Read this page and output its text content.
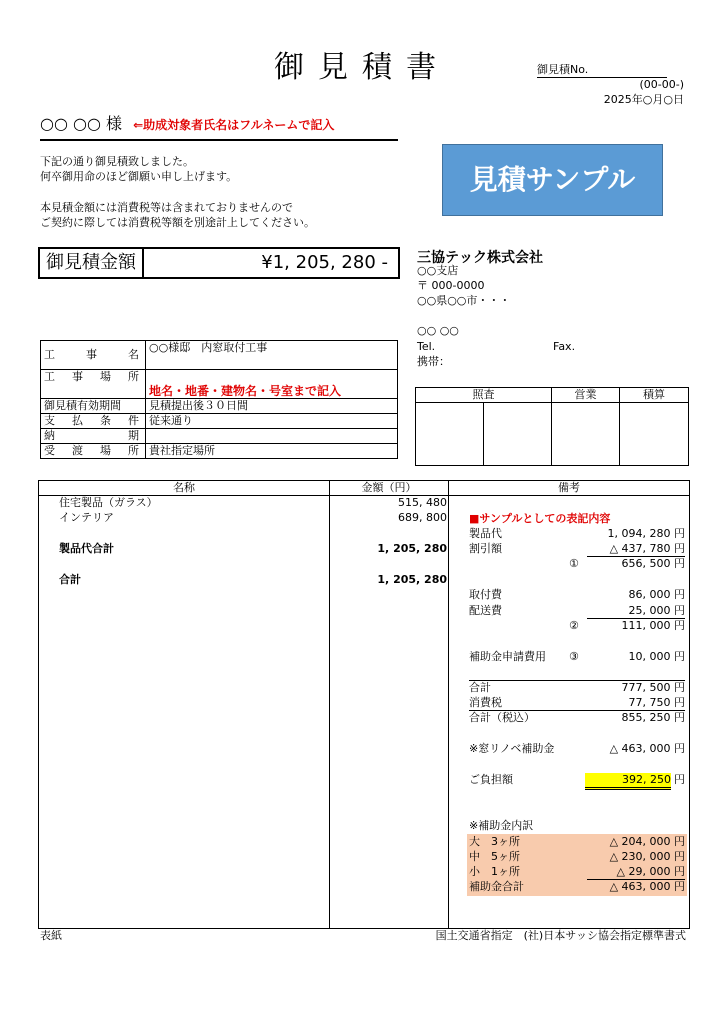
御見積書	御見積No.
(00-00-)
2025年○月○日
○○ ○○ 様 ⇐助成対象者氏名はフルネームで記入
下記の通り御見積致しました。
何卒御用命のほど御願い申し上げます。
本見積金額には消費税等は含まれておりませんので
ご契約に際しては消費税等額を別途計上してください。
見積サンプル
御見積金額	¥1, 205, 280 - 三協テック株式会社
○○支店
〒 000-0000
○○県○○市・・・
○○ ○○
Tel.	Fax.
携帯：
工　　事　　名	○○様邸　内窓取付工事
工　事　場　所	地名・地番・建物名・号室まで記入
御見積有効期間	見積提出後３０日間
支　払　条　件	従来通り
納　　　　　期	
受　渡　場　所	貴社指定場所
照査	営業	積算
名称	金額（円）	備考
住宅製品（ガラス）	515, 480
インテリア	689, 800
製品代合計	1, 205, 280
合計	1, 205, 280
■サンプルとしての表記内容
製品代	1, 094, 280 円
割引額	△ 437, 780 円
①	656, 500 円
取付費	86, 000 円
配送費	25, 000 円
②	111, 000 円
補助金申請費用 ③	10, 000 円
合計	777, 500 円
消費税	77, 750 円
合計（税込）	855, 250 円
※窓リノベ補助金	△ 463, 000 円
ご負担額	392, 250 円
※補助金内訳
大　3ヶ所	△ 204, 000 円
中　5ヶ所	△ 230, 000 円
小　1ヶ所	△ 29, 000 円
補助金合計	△ 463, 000 円
表紙	国土交通省指定　(社)日本サッシ協会指定標準書式
